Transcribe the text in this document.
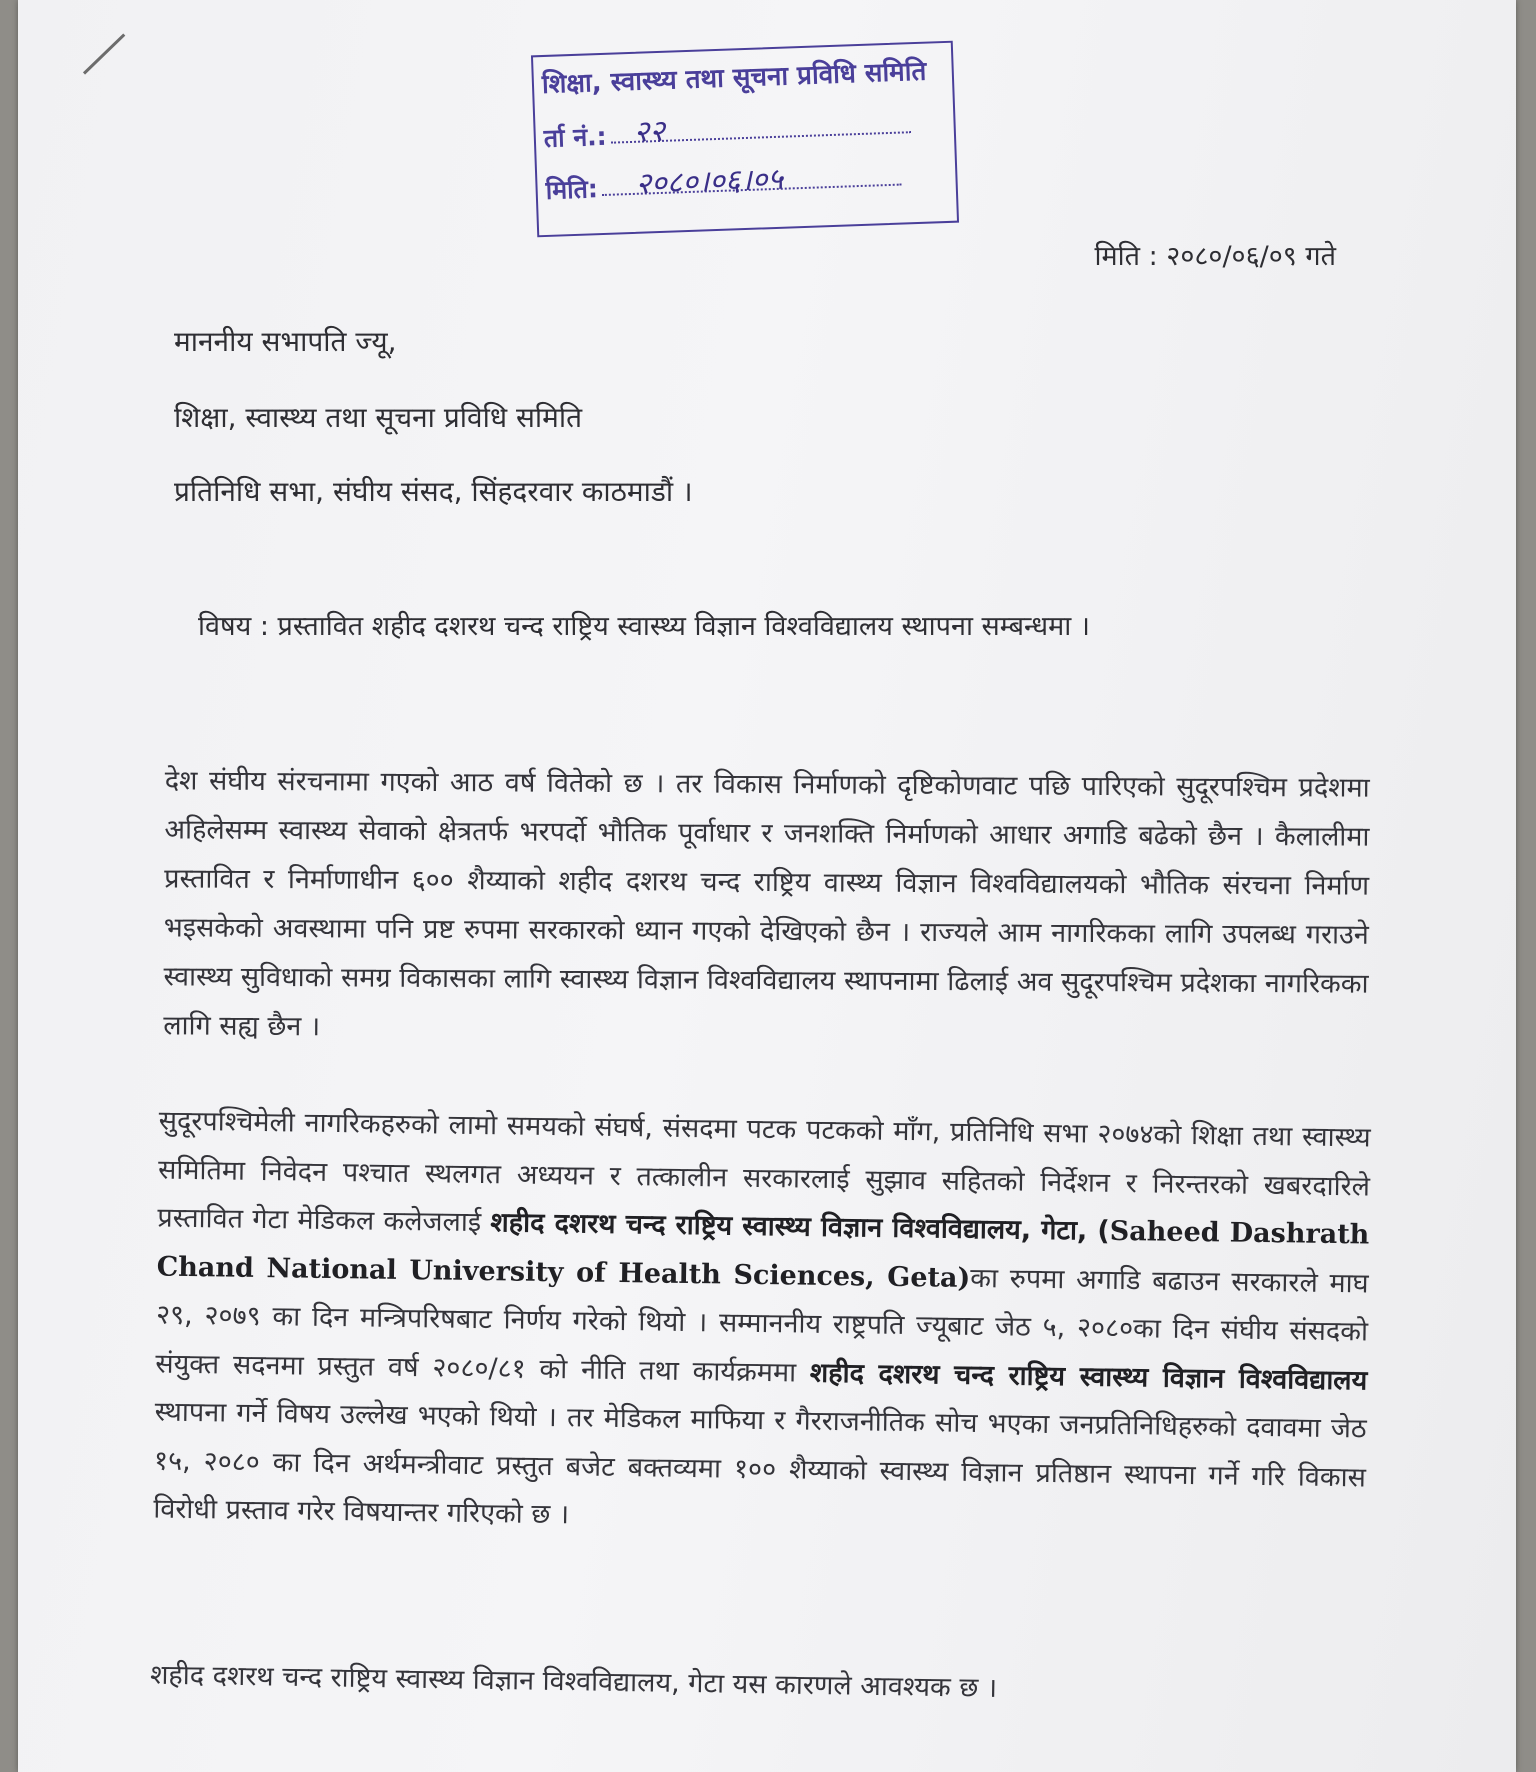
शिक्षा, स्वास्थ्य तथा सूचना प्रविधि समिति
र्ता नं.: २२
मिति: २०८०।०६।०५
मिति : २०८०/०६/०९ गते
माननीय सभापति ज्यू,
शिक्षा, स्वास्थ्य तथा सूचना प्रविधि समिति
प्रतिनिधि सभा, संघीय संसद, सिंहदरवार काठमाडौं ।
विषय : प्रस्तावित शहीद दशरथ चन्द राष्ट्रिय स्वास्थ्य विज्ञान विश्वविद्यालय स्थापना सम्बन्धमा ।
देश संघीय संरचनामा गएको आठ वर्ष वितेको छ । तर विकास निर्माणको दृष्टिकोणवाट पछि पारिएको सुदूरपश्चिम प्रदेशमा अहिलेसम्म स्वास्थ्य सेवाको क्षेत्रतर्फ भरपर्दो भौतिक पूर्वाधार र जनशक्ति निर्माणको आधार अगाडि बढेको छैन । कैलालीमा प्रस्तावित र निर्माणाधीन ६०० शैय्याको शहीद दशरथ चन्द राष्ट्रिय वास्थ्य विज्ञान विश्वविद्यालयको भौतिक संरचना निर्माण भइसकेको अवस्थामा पनि प्रष्ट रुपमा सरकारको ध्यान गएको देखिएको छैन । राज्यले आम नागरिकका लागि उपलब्ध गराउने स्वास्थ्य सुविधाको समग्र विकासका लागि स्वास्थ्य विज्ञान विश्वविद्यालय स्थापनामा ढिलाई अव सुदूरपश्चिम प्रदेशका नागरिकका लागि सह्य छैन ।
सुदूरपश्चिमेली नागरिकहरुको लामो समयको संघर्ष, संसदमा पटक पटकको माँग, प्रतिनिधि सभा २०७४को शिक्षा तथा स्वास्थ्य समितिमा निवेदन पश्चात स्थलगत अध्ययन र तत्कालीन सरकारलाई सुझाव सहितको निर्देशन र निरन्तरको खबरदारिले प्रस्तावित गेटा मेडिकल कलेजलाई शहीद दशरथ चन्द राष्ट्रिय स्वास्थ्य विज्ञान विश्वविद्यालय, गेटा, (Saheed Dashrath Chand National University of Health Sciences, Geta)का रुपमा अगाडि बढाउन सरकारले माघ २९, २०७९ का दिन मन्त्रिपरिषबाट निर्णय गरेको थियो । सम्माननीय राष्ट्रपति ज्यूबाट जेठ ५, २०८०का दिन संघीय संसदको संयुक्त सदनमा प्रस्तुत वर्ष २०८०/८१ को नीति तथा कार्यक्रममा शहीद दशरथ चन्द राष्ट्रिय स्वास्थ्य विज्ञान विश्वविद्यालय स्थापना गर्ने विषय उल्लेख भएको थियो । तर मेडिकल माफिया र गैरराजनीतिक सोच भएका जनप्रतिनिधिहरुको दवावमा जेठ १५, २०८० का दिन अर्थमन्त्रीवाट प्रस्तुत बजेट बक्तव्यमा १०० शैय्याको स्वास्थ्य विज्ञान प्रतिष्ठान स्थापना गर्ने गरि विकास विरोधी प्रस्ताव गरेर विषयान्तर गरिएको छ ।
शहीद दशरथ चन्द राष्ट्रिय स्वास्थ्य विज्ञान विश्वविद्यालय, गेटा यस कारणले आवश्यक छ ।
